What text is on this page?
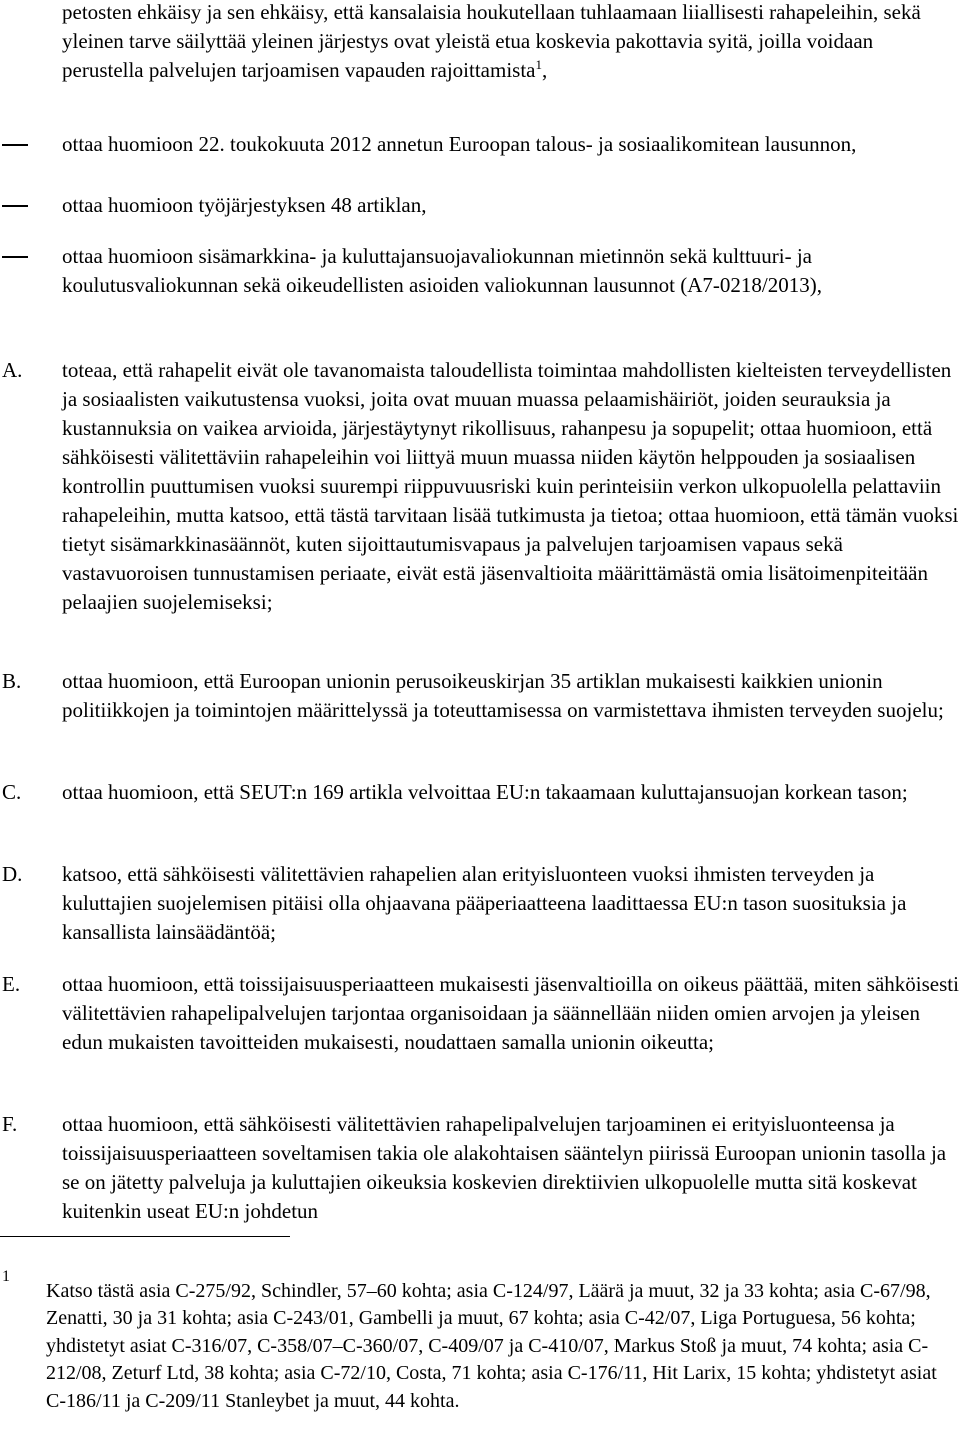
petosten ehkäisy ja sen ehkäisy, että kansalaisia houkutellaan tuhlaamaan liiallisesti rahapeleihin, sekä yleinen tarve säilyttää yleinen järjestys ovat yleistä etua koskevia pakottavia syitä, joilla voidaan perustella palvelujen tarjoamisen vapauden rajoittamista$^1$,

ottaa huomioon 22. toukokuuta 2012 annetun Euroopan talous- ja sosiaalikomitean lausunnon,

ottaa huomioon työjärjestyksen 48 artiklan,

ottaa huomioon sisämarkkina- ja kuluttajansuojavaliokunnan mietinnön sekä kulttuuri- ja koulutusvaliokunnan sekä oikeudellisten asioiden valiokunnan lausunnot (A7-0218/2013),

A.	toteaa, että rahapelit eivät ole tavanomaista taloudellista toimintaa mahdollisten kielteisten terveydellisten ja sosiaalisten vaikutustensa vuoksi, joita ovat muuan muassa pelaamishäiriöt, joiden seurauksia ja kustannuksia on vaikea arvioida, järjestäytynyt rikollisuus, rahanpesu ja sopupelit; ottaa huomioon, että sähköisesti välitettäviin rahapeleihin voi liittyä muun muassa niiden käytön helppouden ja sosiaalisen kontrollin puuttumisen vuoksi suurempi riippuvuusriski kuin perinteisiin verkon ulkopuolella pelattaviin rahapeleihin, mutta katsoo, että tästä tarvitaan lisää tutkimusta ja tietoa; ottaa huomioon, että tämän vuoksi tietyt sisämarkkinasäännöt, kuten sijoittautumisvapaus ja palvelujen tarjoamisen vapaus sekä vastavuoroisen tunnustamisen periaate, eivät estä jäsenvaltioita määrittämästä omia lisätoimenpiteitään pelaajien suojelemiseksi;

B.	ottaa huomioon, että Euroopan unionin perusoikeuskirjan 35 artiklan mukaisesti kaikkien unionin politiikkojen ja toimintojen määrittelyssä ja toteuttamisessa on varmistettava ihmisten terveyden suojelu;

C.	ottaa huomioon, että SEUT:n 169 artikla velvoittaa EU:n takaamaan kuluttajansuojan korkean tason;

D.	katsoo, että sähköisesti välitettävien rahapelien alan erityisluonteen vuoksi ihmisten terveyden ja kuluttajien suojelemisen pitäisi olla ohjaavana pääperiaatteena laadittaessa EU:n tason suosituksia ja kansallista lainsäädäntöä;

E.	ottaa huomioon, että toissijaisuusperiaatteen mukaisesti jäsenvaltioilla on oikeus päättää, miten sähköisesti välitettävien rahapelipalvelujen tarjontaa organisoidaan ja säännellään niiden omien arvojen ja yleisen edun mukaisten tavoitteiden mukaisesti, noudattaen samalla unionin oikeutta;

F.	ottaa huomioon, että sähköisesti välitettävien rahapelipalvelujen tarjoaminen ei erityisluonteensa ja toissijaisuusperiaatteen soveltamisen takia ole alakohtaisen sääntelyn piirissä Euroopan unionin tasolla ja se on jätetty palveluja ja kuluttajien oikeuksia koskevien direktiivien ulkopuolelle mutta sitä koskevat kuitenkin useat EU:n johdetun

1

Katso tästä asia C-275/92, Schindler, 57–60 kohta; asia C-124/97, Läärä ja muut, 32 ja 33 kohta; asia C-67/98, Zenatti, 30 ja 31 kohta; asia C-243/01, Gambelli ja muut, 67 kohta; asia C-42/07, Liga Portuguesa, 56 kohta; yhdistetyt asiat C-316/07, C-358/07–C-360/07, C-409/07 ja C-410/07, Markus Stoß ja muut, 74 kohta; asia C-212/08, Zeturf Ltd, 38 kohta; asia C-72/10, Costa, 71 kohta; asia C-176/11, Hit Larix, 15 kohta; yhdistetyt asiat C-186/11 ja C-209/11 Stanleybet ja muut, 44 kohta.
